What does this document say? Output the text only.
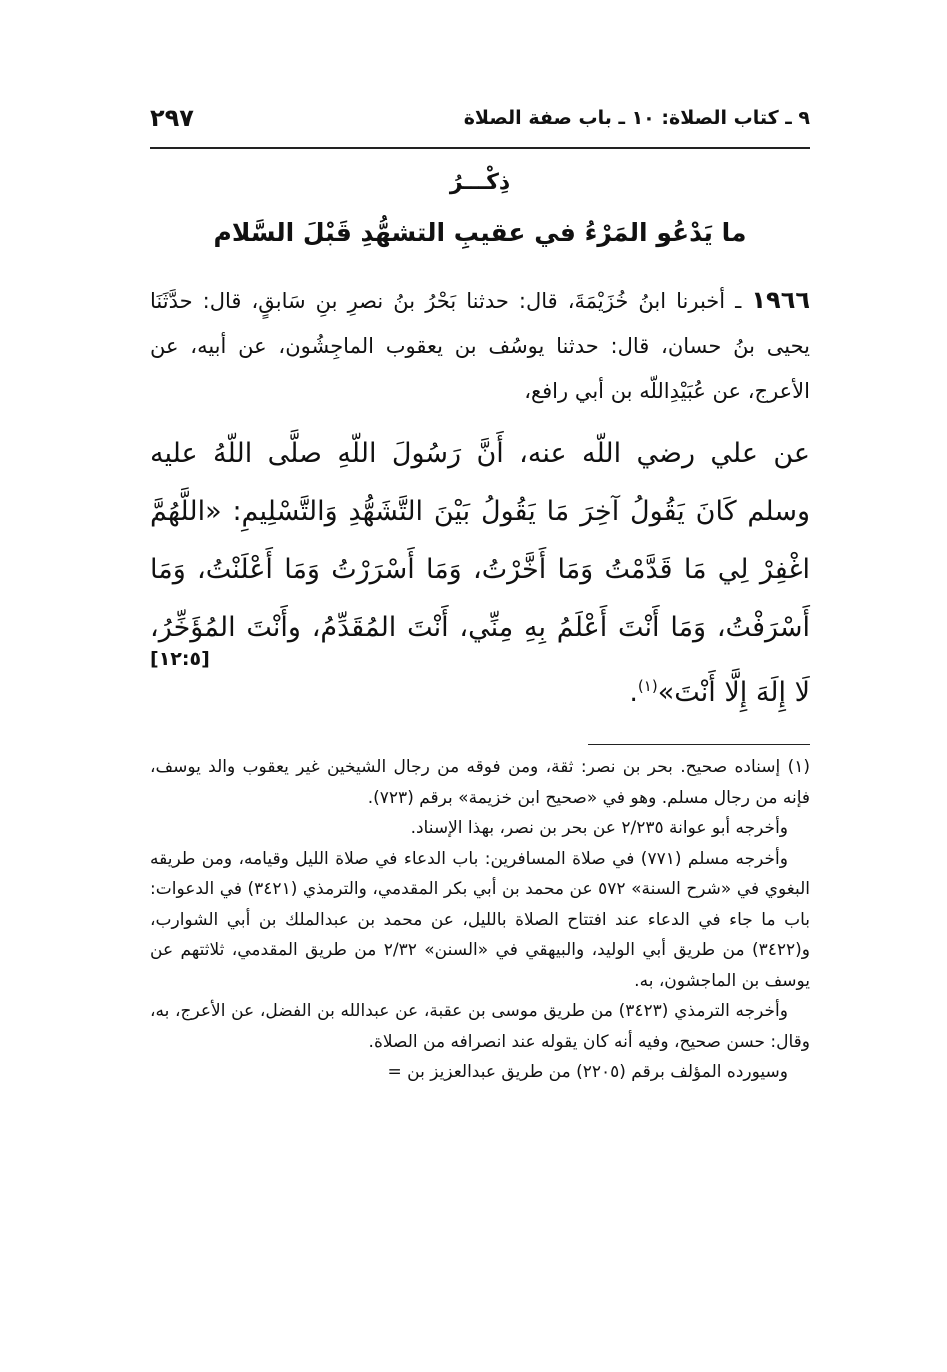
٢٩٧	٩ ـ كتاب الصلاة: ١٠ ـ باب صفة الصلاة
ذِكْـــرُ
ما يَدْعُو المَرْءُ في عقيبِ التشهُّدِ قَبْلَ السَّلام
١٩٦٦ ـ أخبرنا ابنُ خُزَيْمَةَ، قال: حدثنا بَحْرُ بنُ نصرِ بنِ سَابقٍ، قال: حدَّثَنَا يحيى بنُ حسان، قال: حدثنا يوسُف بن يعقوب الماجِشُون، عن أبيه، عن الأعرج، عن عُبَيْدِاللّه بن أبي رافع،
عن علي رضي اللّه عنه، أَنَّ رَسُولَ اللّهِ صلَّى اللّهُ عليه وسلم كَانَ يَقُولُ آخِرَ مَا يَقُولُ بَيْنَ التَّشَهُّدِ وَالتَّسْلِيمِ: «اللَّهُمَّ اغْفِرْ لِي مَا قَدَّمْتُ وَمَا أَخَّرْتُ، وَمَا أَسْرَرْتُ وَمَا أَعْلَنْتُ، وَمَا أَسْرَفْتُ، وَمَا أَنْتَ أَعْلَمُ بِهِ مِنِّي، أَنْتَ المُقَدِّمُ، وأَنْتَ المُؤَخِّرُ، لَا إِلَهَ إِلَّا أَنْتَ»$^{(١)}$.
[١٢:٥]

(١) إسناده صحيح. بحر بن نصر: ثقة، ومن فوقه من رجال الشيخين غير يعقوب والد يوسف، فإنه من رجال مسلم. وهو في «صحيح ابن خزيمة» برقم (٧٢٣).

وأخرجه أبو عوانة ٢/٢٣٥ عن بحر بن نصر، بهذا الإسناد.

وأخرجه مسلم (٧٧١) في صلاة المسافرين: باب الدعاء في صلاة الليل وقيامه، ومن طريقه البغوي في «شرح السنة» ٥٧٢ عن محمد بن أبي بكر المقدمي، والترمذي (٣٤٢١) في الدعوات: باب ما جاء في الدعاء عند افتتاح الصلاة بالليل، عن محمد بن عبدالملك بن أبي الشوارب، و(٣٤٢٢) من طريق أبي الوليد، والبيهقي في «السنن» ٢/٣٢ من طريق المقدمي، ثلاثتهم عن يوسف بن الماجشون، به.

وأخرجه الترمذي (٣٤٢٣) من طريق موسى بن عقبة، عن عبدالله بن الفضل، عن الأعرج، به، وقال: حسن صحيح، وفيه أنه كان يقوله عند انصرافه من الصلاة.

وسيورده المؤلف برقم (٢٢٠٥) من طريق عبدالعزيز بن =
